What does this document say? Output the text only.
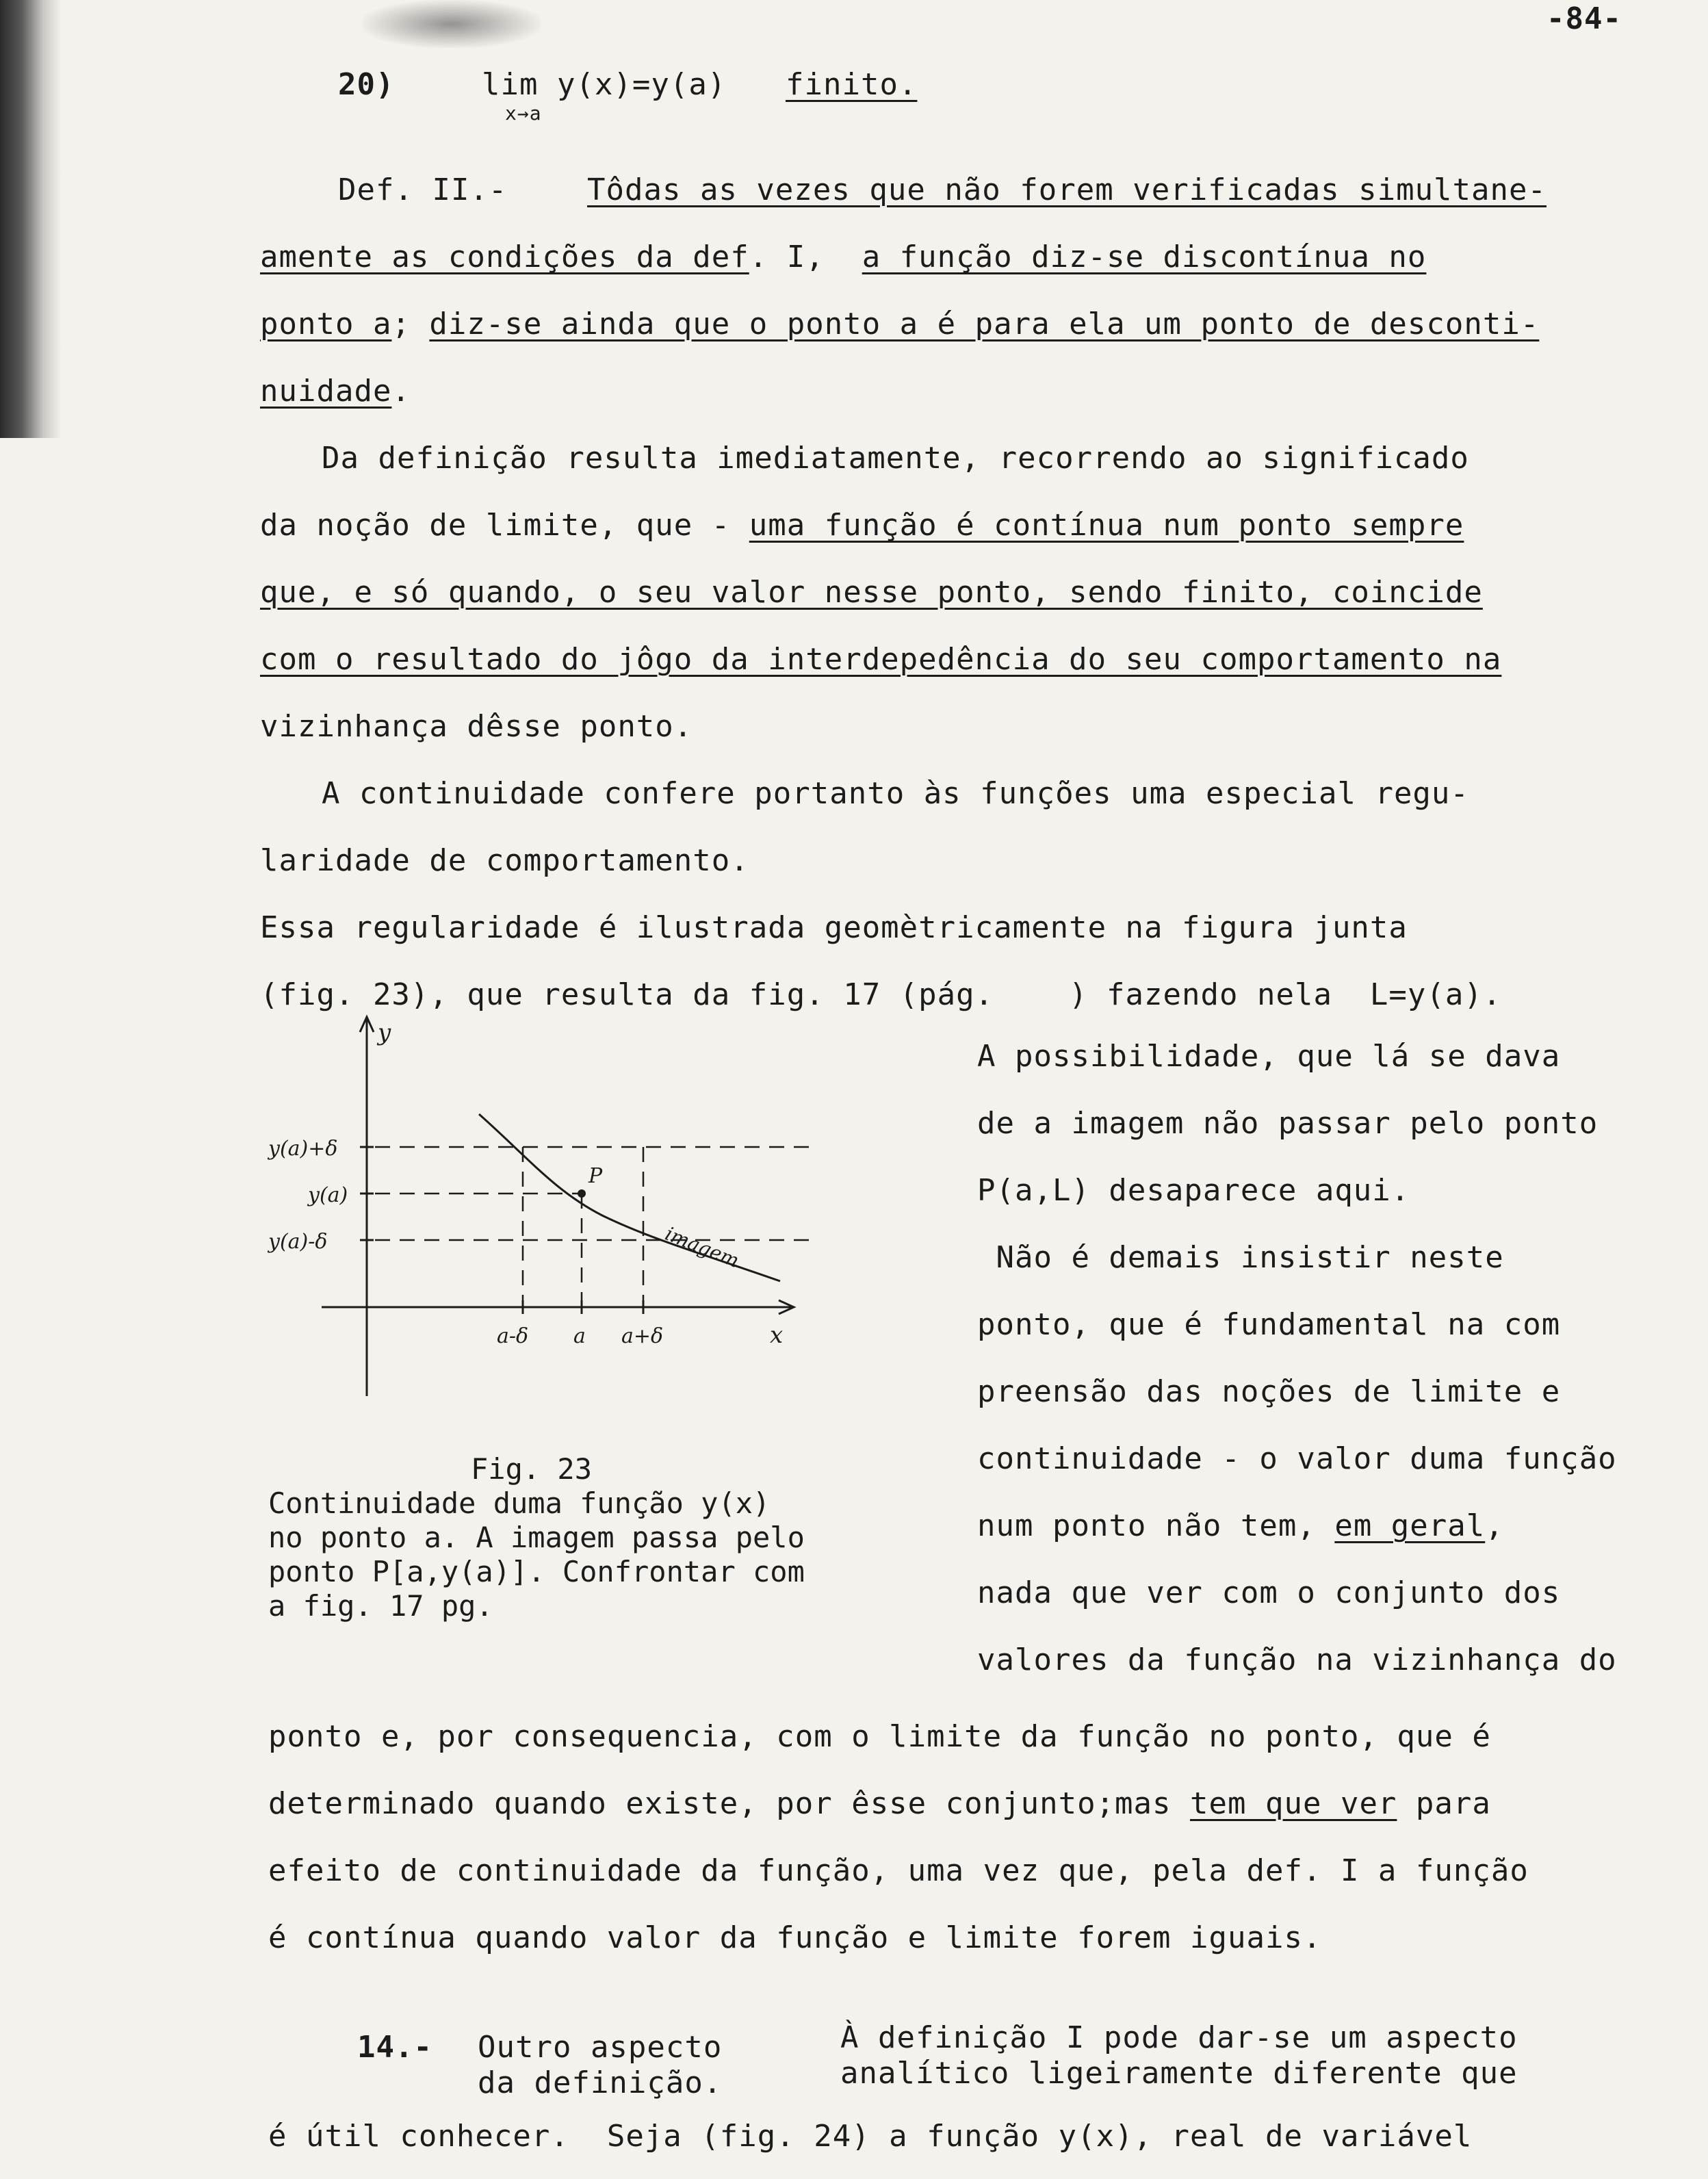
-84-
20)	lim y(x)=y(a) finito.
x→a
Def. II.-	Tôdas as vezes que não forem verificadas simultane-
amente as condições da def. I,  a função diz-se discontínua no
ponto a; diz-se ainda que o ponto a é para ela um ponto de desconti-
nuidade.
Da definição resulta imediatamente, recorrendo ao significado
da noção de limite, que - uma função é contínua num ponto sempre
que, e só quando, o seu valor nesse ponto, sendo finito, coincide
com o resultado do jôgo da interdepedência do seu comportamento na
vizinhança dêsse ponto.
A continuidade confere portanto às funções uma especial regu-
laridade de comportamento.
Essa regularidade é ilustrada geomètricamente na figura junta
(fig. 23), que resulta da fig. 17 (pág.    ) fazendo nela  L=y(a).
A possibilidade, que lá se dava
de a imagem não passar pelo ponto
P(a,L) desaparece aqui.
Não é demais insistir neste
ponto, que é fundamental na com
preensão das noções de limite e
continuidade - o valor duma função
num ponto não tem, em geral,
nada que ver com o conjunto dos
valores da função na vizinhança do
y
x
y(a)+δ
y(a)
y(a)-δ
a-δ a a+δ
P
imagem
Fig. 23
Continuidade duma função y(x)
no ponto a. A imagem passa pelo
ponto P[a,y(a)]. Confrontar com
a fig. 17 pg.
ponto e, por consequencia, com o limite da função no ponto, que é
determinado quando existe, por êsse conjunto;mas tem que ver para
efeito de continuidade da função, uma vez que, pela def. I a função
é contínua quando valor da função e limite forem iguais.
14.- Outro aspecto
da definição.
À definição I pode dar-se um aspecto
analítico ligeiramente diferente que
é útil conhecer.  Seja (fig. 24) a função y(x), real de variável
